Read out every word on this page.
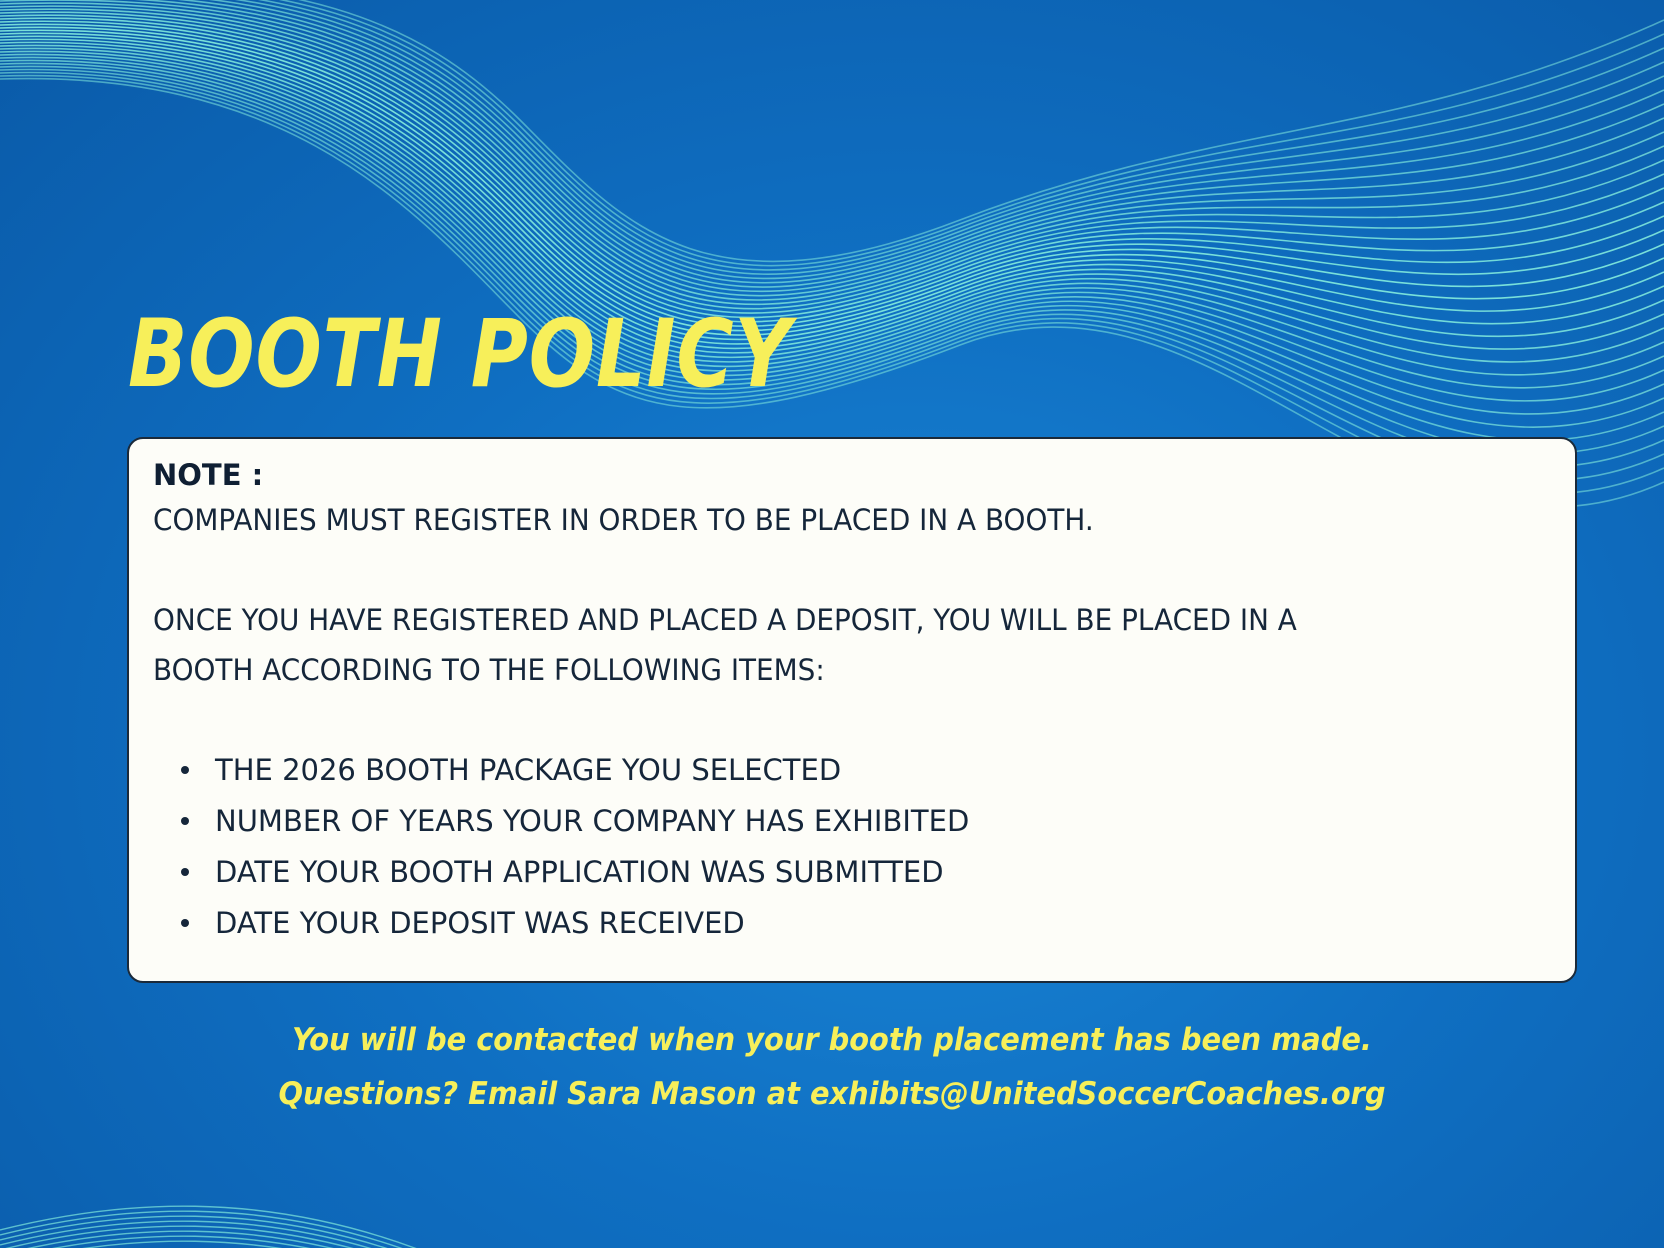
BOOTH POLICY
NOTE :
COMPANIES MUST REGISTER IN ORDER TO BE PLACED IN A BOOTH.
ONCE YOU HAVE REGISTERED AND PLACED A DEPOSIT, YOU WILL BE PLACED IN A
BOOTH ACCORDING TO THE FOLLOWING ITEMS:
THE 2026 BOOTH PACKAGE YOU SELECTED
NUMBER OF YEARS YOUR COMPANY HAS EXHIBITED
DATE YOUR BOOTH APPLICATION WAS SUBMITTED
DATE YOUR DEPOSIT WAS RECEIVED
You will be contacted when your booth placement has been made.
Questions? Email Sara Mason at exhibits@UnitedSoccerCoaches.org
